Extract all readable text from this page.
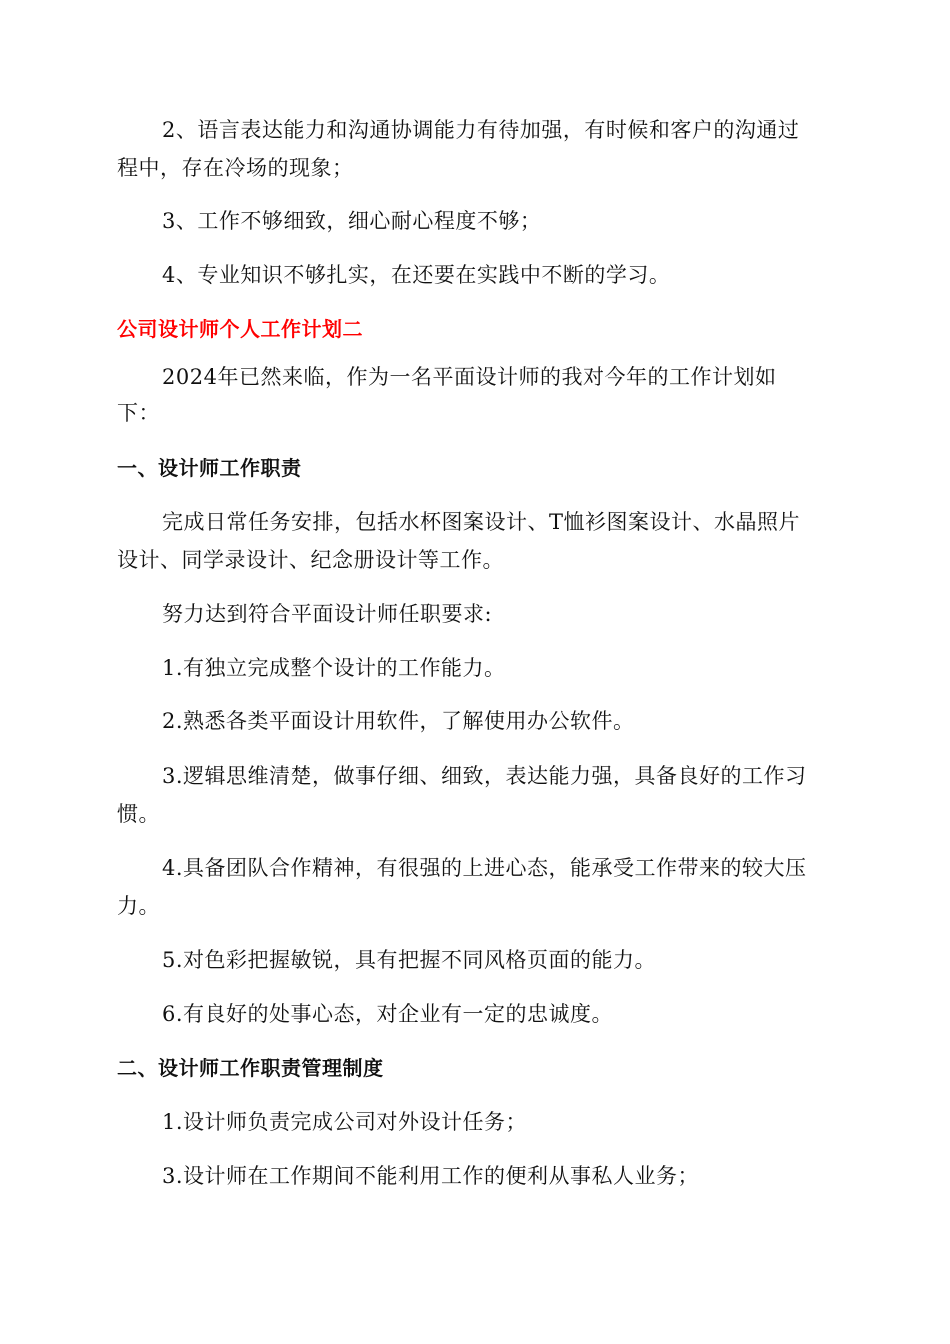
2、语言表达能力和沟通协调能力有待加强，有时候和客户的沟通过
程中，存在冷场的现象；
3、工作不够细致，细心耐心程度不够；
4、专业知识不够扎实，在还要在实践中不断的学习。
公司设计师个人工作计划二
2024年已然来临，作为一名平面设计师的我对今年的工作计划如
下：
一、设计师工作职责
完成日常任务安排，包括水杯图案设计、T恤衫图案设计、水晶照片
设计、同学录设计、纪念册设计等工作。
努力达到符合平面设计师任职要求:
1.有独立完成整个设计的工作能力。
2.熟悉各类平面设计用软件，了解使用办公软件。
3.逻辑思维清楚，做事仔细、细致，表达能力强，具备良好的工作习
惯。
4.具备团队合作精神，有很强的上进心态，能承受工作带来的较大压
力。
5.对色彩把握敏锐，具有把握不同风格页面的能力。
6.有良好的处事心态，对企业有一定的忠诚度。
二、设计师工作职责管理制度
1.设计师负责完成公司对外设计任务；
3.设计师在工作期间不能利用工作的便利从事私人业务；
